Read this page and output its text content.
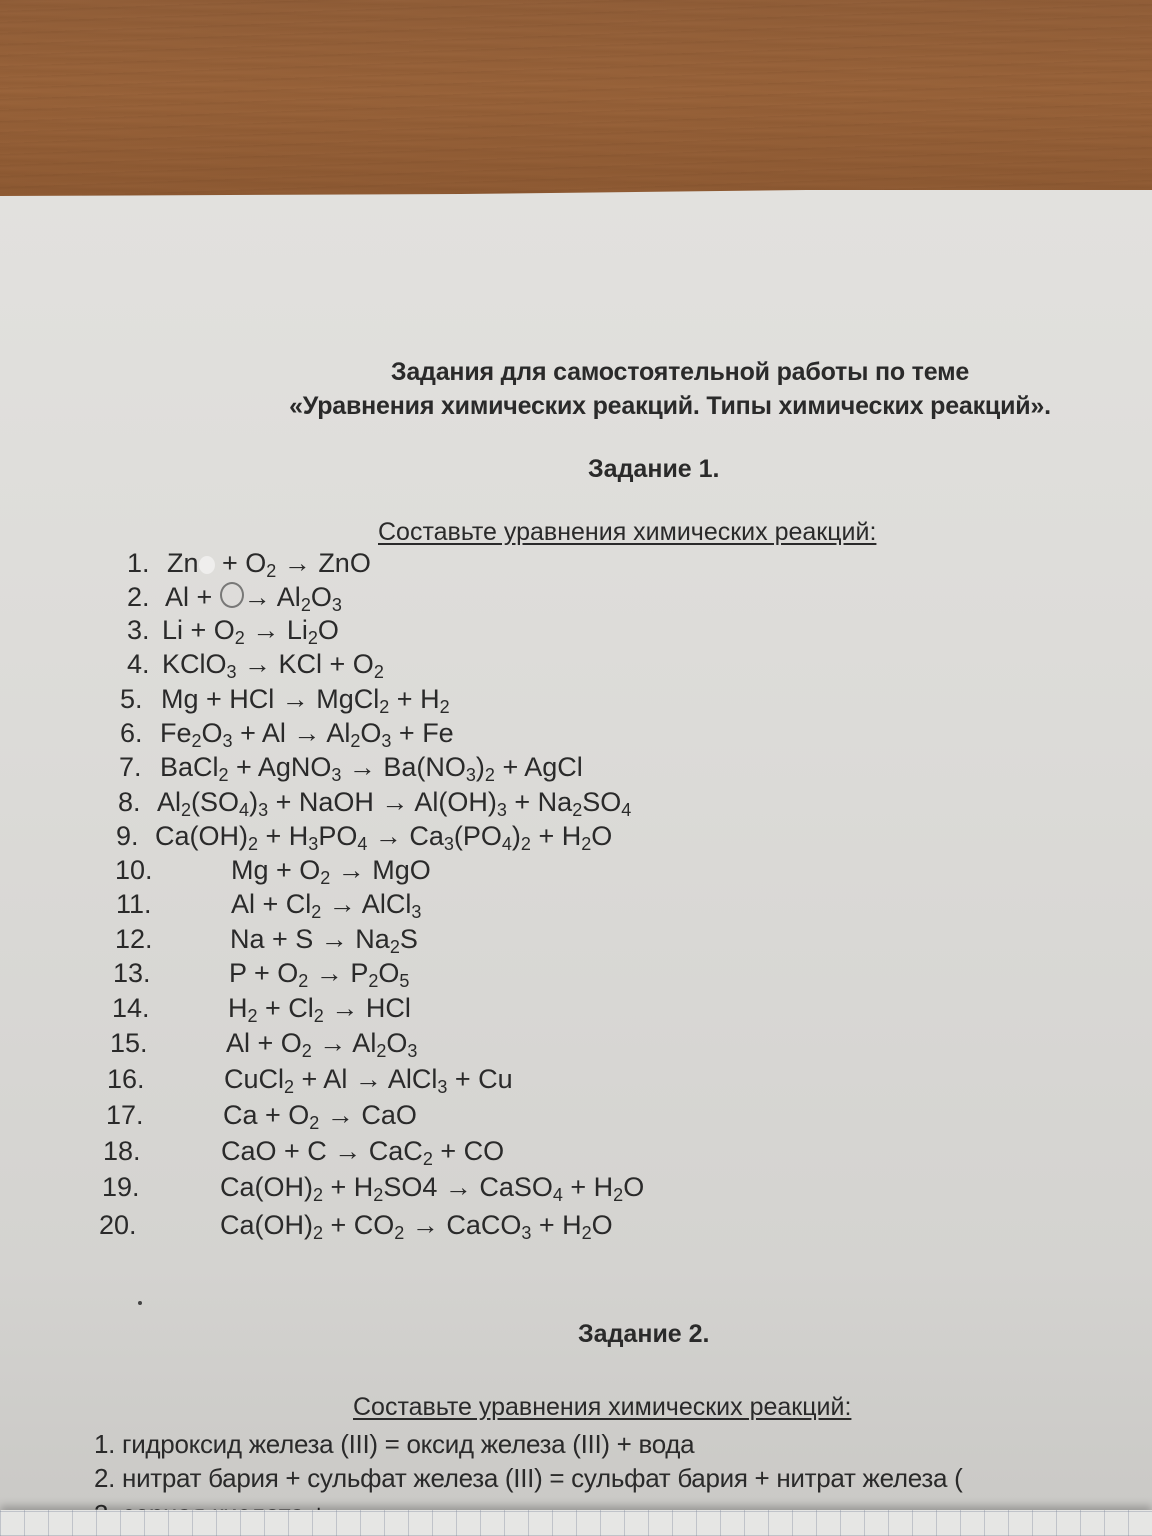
Задания для самостоятельной работы по теме
«Уравнения химических реакций. Типы химических реакций».
Задание 1.
Составьте уравнения химических реакций:
1. $Zn + O_2$ → ZnO
2. Al + → $Al_2O_3$
3. $Li + O_2 \to Li_2O$
4. KClO$_3$ → KCl + $O_2$
5. Mg + HCl → MgCl$_2$ + $H_2$
6. $Fe_2O_3 + Al \to Al_2O_3 + Fe$
7. BaCl$_2$ + AgNO$_3$ → $Ba(NO_3)_2$ + AgCl
8. $Al_2(SO_4)_3$ + NaOH → $Al(OH)_3 + Na_2SO_4$
9. $Ca(OH)_2 + H_3PO_4 \to Ca_3(PO_4)_2 + H_2O$
10.	$Mg + O_2$ → MgO
11.	$Al + Cl_2$ → AlCl$_3$
12.	$Na + S \to Na_2S$
13.	$P + O_2 \to P_2O_5$
14.	$H_2 + Cl_2$ → HCl
15.	$Al + O_2 \to Al_2O_3$
16.	CuCl$_2$ + Al → AlCl$_3$ + Cu
17.	$Ca + O_2$ → CaO
18.	CaO + C → CaC$_2$ + CO
19.	$Ca(OH)_2 + H_2SO4$ → CaSO$_4$ + $H_2O$
20.	$Ca(OH)_2 + CO_2$ → CaCO$_3$ + $H_2O$
Задание 2.
Составьте уравнения химических реакций:
1. гидроксид железа (III) = оксид железа (III) + вода
2. нитрат бария + сульфат железа (III) = сульфат бария + нитрат железа (
